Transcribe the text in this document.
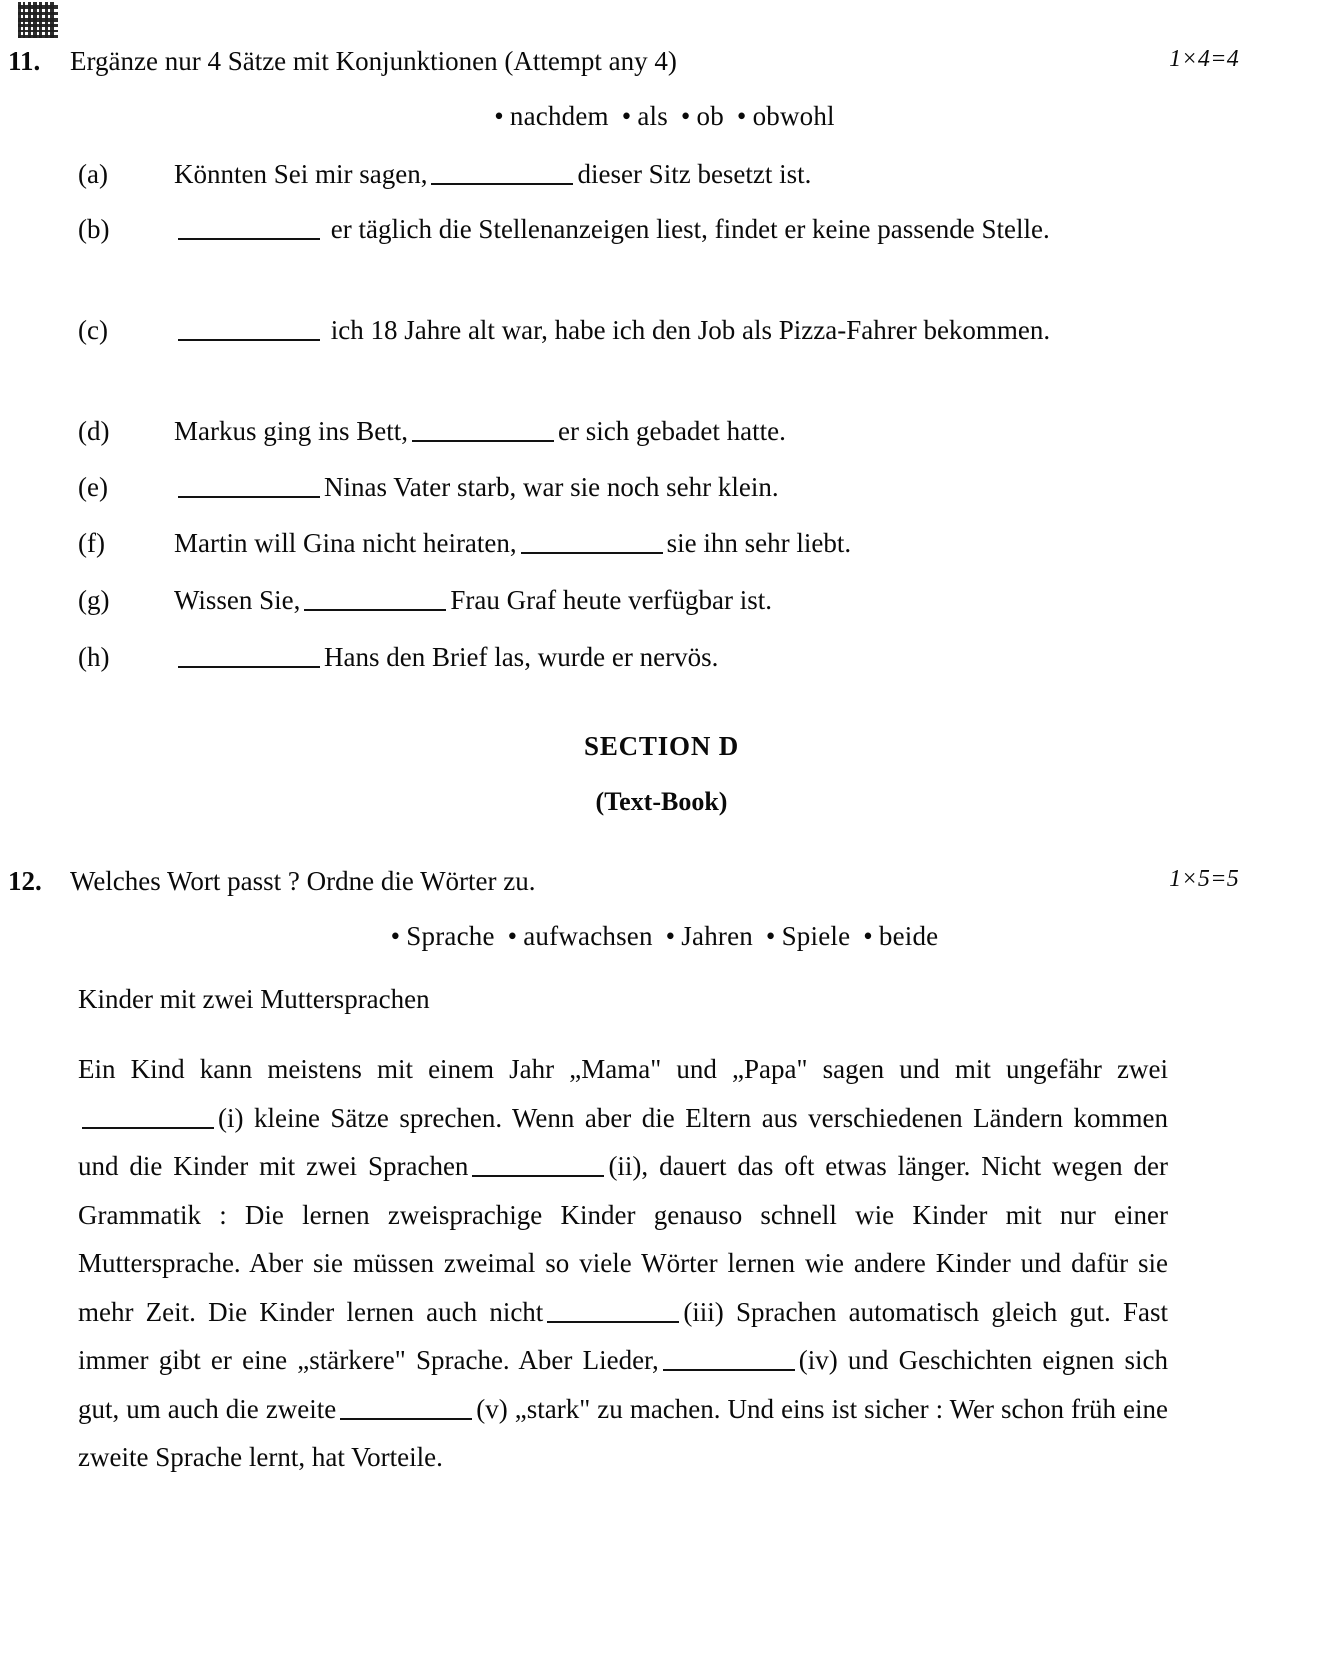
11.	Ergänze nur 4 Sätze mit Konjunktionen (Attempt any 4)	1×4=4
• nachdem • als • ob • obwohl
(a)	Könnten Sei mir sagen,	dieser Sitz besetzt ist.
(b)	er täglich die Stellenanzeigen liest, findet er keine passende Stelle.
(c)	ich 18 Jahre alt war, habe ich den Job als Pizza-Fahrer bekommen.
(d)	Markus ging ins Bett,	er sich gebadet hatte.
(e)	Ninas Vater starb, war sie noch sehr klein.
(f)	Martin will Gina nicht heiraten,	sie ihn sehr liebt.
(g)	Wissen Sie,	Frau Graf heute verfügbar ist.
(h)	Hans den Brief las, wurde er nervös.
SECTION D
(Text-Book)
12.	Welches Wort passt ? Ordne die Wörter zu.	1×5=5
• Sprache • aufwachsen • Jahren • Spiele • beide
Kinder mit zwei Muttersprachen
Ein Kind kann meistens mit einem Jahr „Mama" und „Papa" sagen und mit ungefähr zwei(i) kleine Sätze sprechen. Wenn aber die Eltern aus verschiedenen Ländern kommen und die Kinder mit zwei Sprachen	(ii), dauert das oft etwas länger. Nicht wegen der Grammatik : Die lernen zweisprachige Kinder genauso schnell wie Kinder mit nur einer Muttersprache. Aber sie müssen zweimal so viele Wörter lernen wie andere Kinder und dafür sie mehr Zeit. Die Kinder lernen auch nicht	(iii) Sprachen automatisch gleich gut. Fast immer gibt er eine „stärkere" Sprache. Aber Lieder,	(iv) und Geschichten eignen sich gut, um auch die zweite	(v) „stark" zu machen. Und eins ist sicher : Wer schon früh eine zweite Sprache lernt, hat Vorteile.
